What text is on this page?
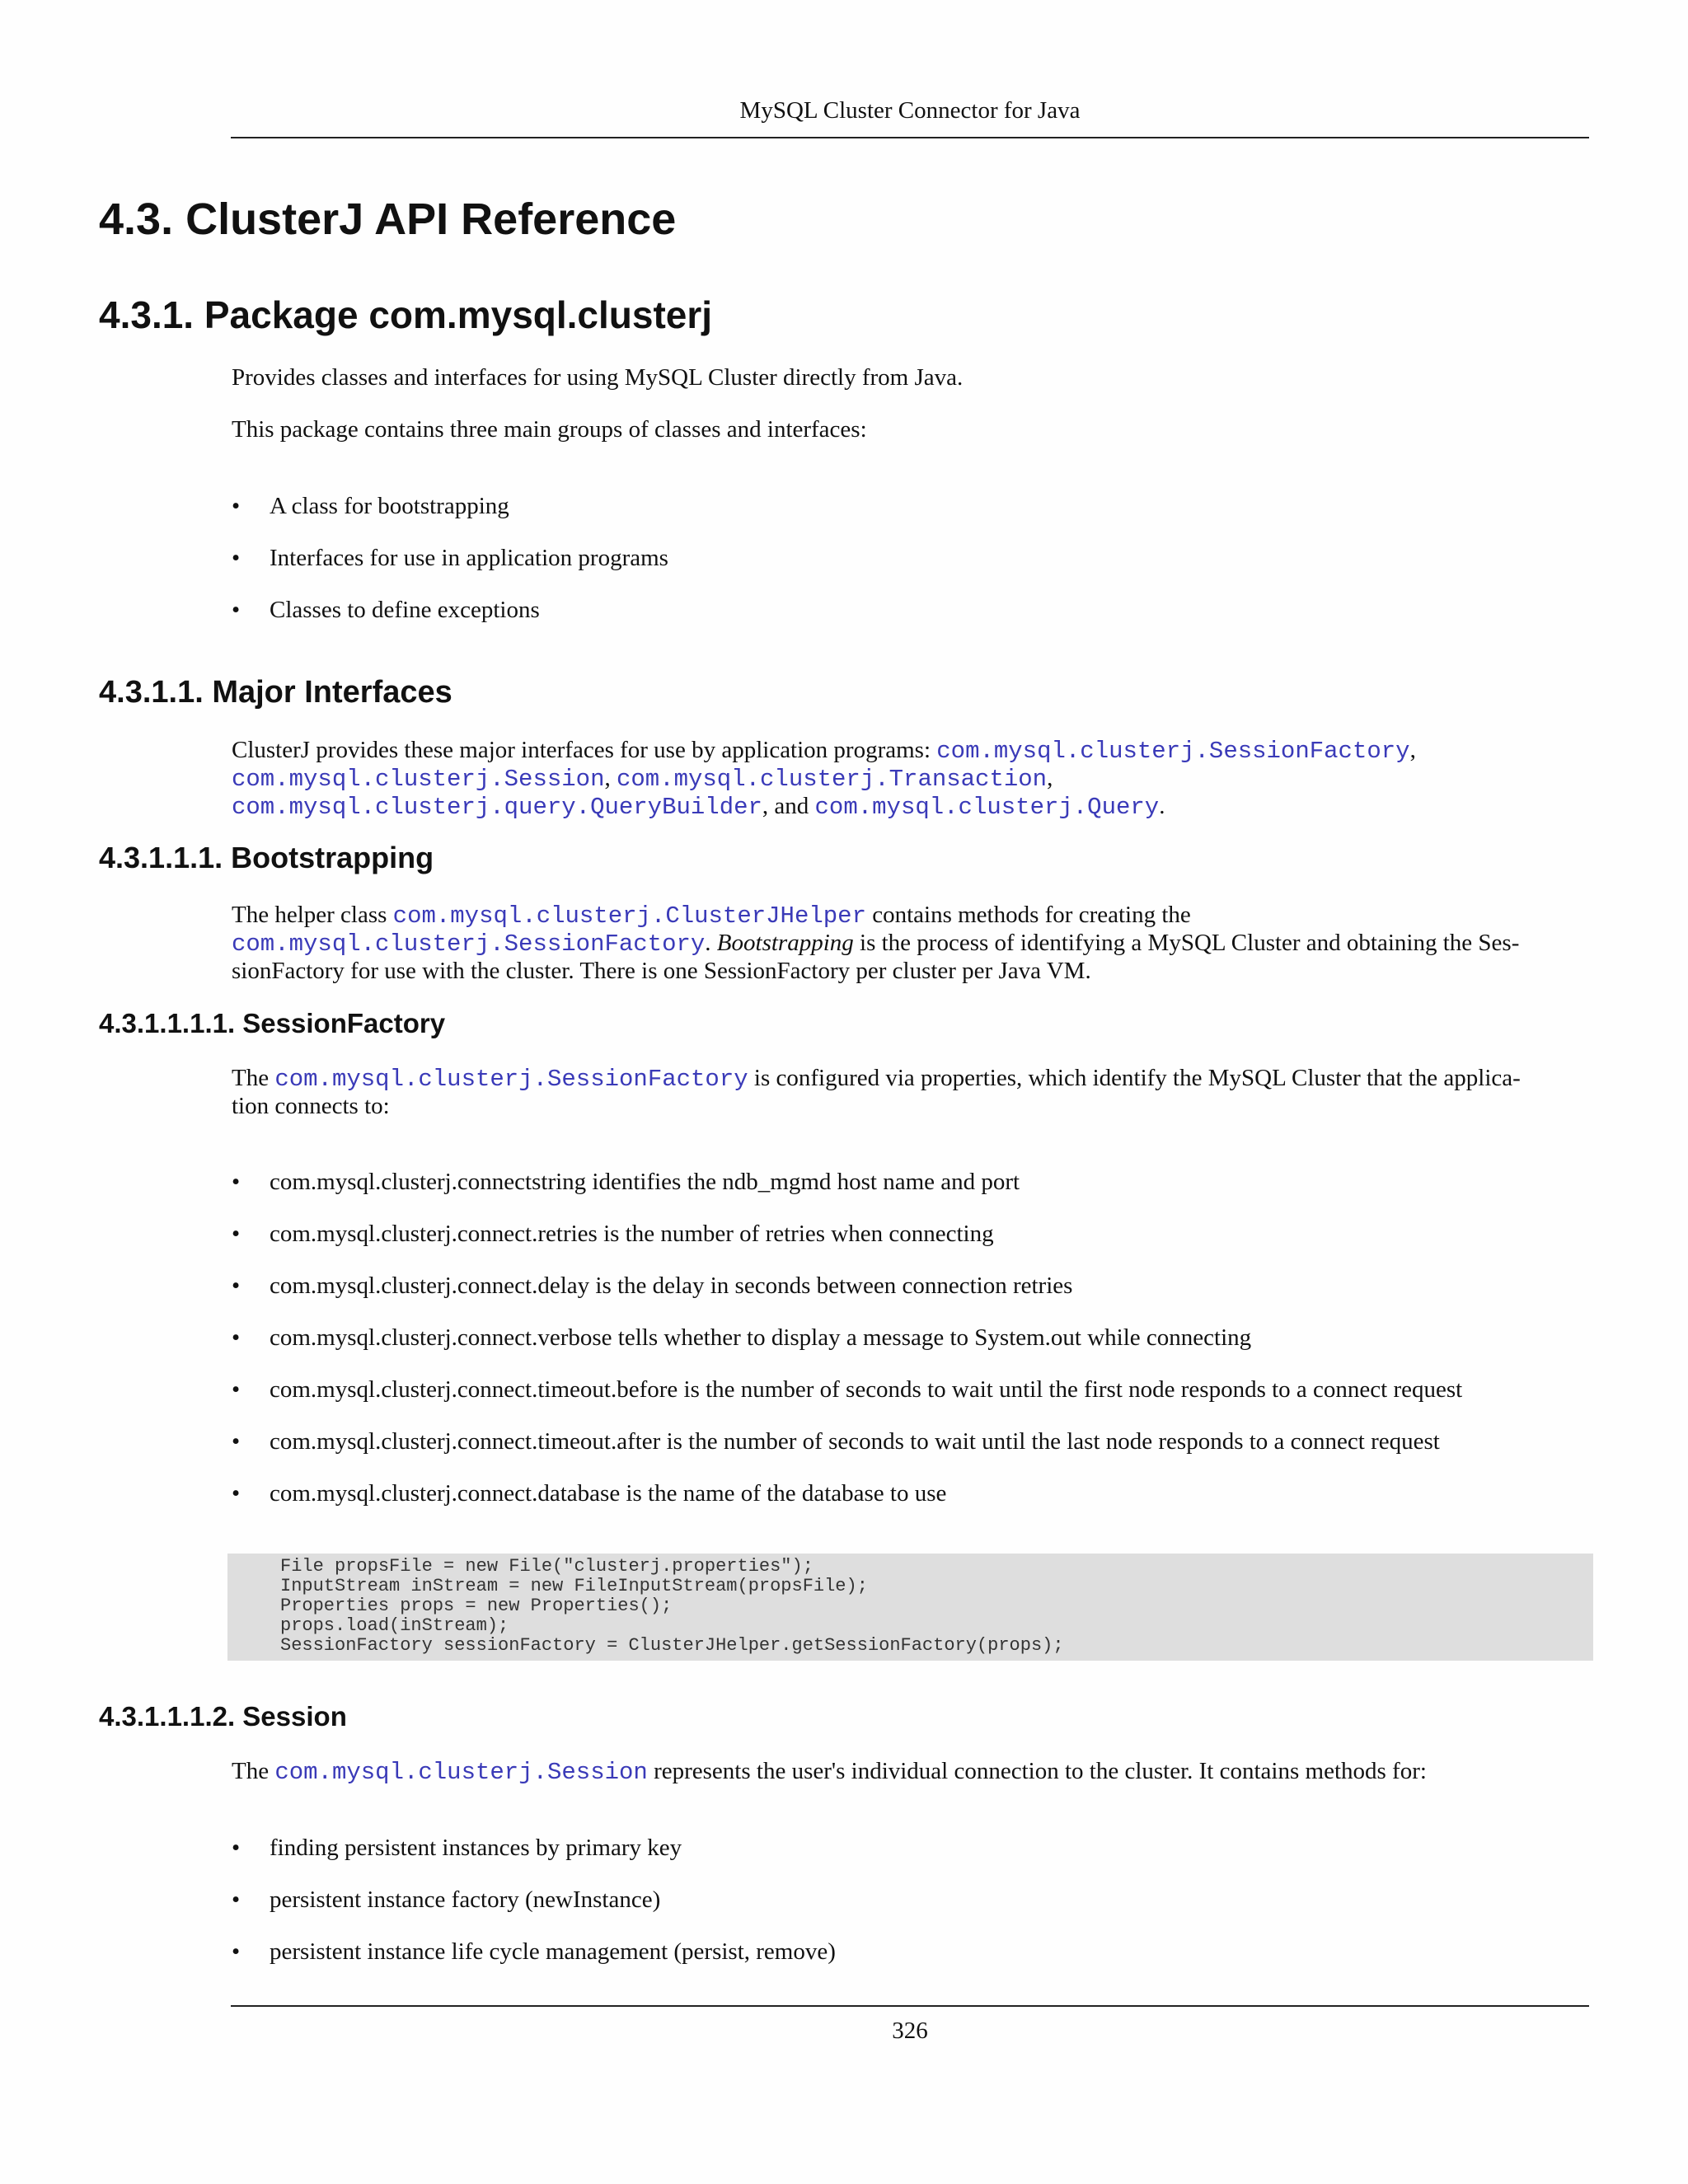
MySQL Cluster Connector for Java
4.3. ClusterJ API Reference
4.3.1. Package com.mysql.clusterj

Provides classes and interfaces for using MySQL Cluster directly from Java.

This package contains three main groups of classes and interfaces:

• A class for bootstrapping
• Interfaces for use in application programs
• Classes to define exceptions
4.3.1.1. Major Interfaces

ClusterJ provides these major interfaces for use by application programs: com.mysql.clusterj.SessionFactory,
com.mysql.clusterj.Session, com.mysql.clusterj.Transaction,
com.mysql.clusterj.query.QueryBuilder, and com.mysql.clusterj.Query.

4.3.1.1.1. Bootstrapping

The helper class com.mysql.clusterj.ClusterJHelper contains methods for creating the
com.mysql.clusterj.SessionFactory. Bootstrapping is the process of identifying a MySQL Cluster and obtaining the Ses-
sionFactory for use with the cluster. There is one SessionFactory per cluster per Java VM.

4.3.1.1.1.1. SessionFactory

The com.mysql.clusterj.SessionFactory is configured via properties, which identify the MySQL Cluster that the applica-
tion connects to:

• com.mysql.clusterj.connectstring identifies the ndb_mgmd host name and port
• com.mysql.clusterj.connect.retries is the number of retries when connecting
• com.mysql.clusterj.connect.delay is the delay in seconds between connection retries
• com.mysql.clusterj.connect.verbose tells whether to display a message to System.out while connecting
• com.mysql.clusterj.connect.timeout.before is the number of seconds to wait until the first node responds to a connect request
• com.mysql.clusterj.connect.timeout.after is the number of seconds to wait until the last node responds to a connect request
• com.mysql.clusterj.connect.database is the name of the database to use
File propsFile = new File("clusterj.properties");
InputStream inStream = new FileInputStream(propsFile);
Properties props = new Properties();
props.load(inStream);
SessionFactory sessionFactory = ClusterJHelper.getSessionFactory(props);
4.3.1.1.1.2. Session

The com.mysql.clusterj.Session represents the user's individual connection to the cluster. It contains methods for:

• finding persistent instances by primary key
• persistent instance factory (newInstance)
• persistent instance life cycle management (persist, remove)
326
